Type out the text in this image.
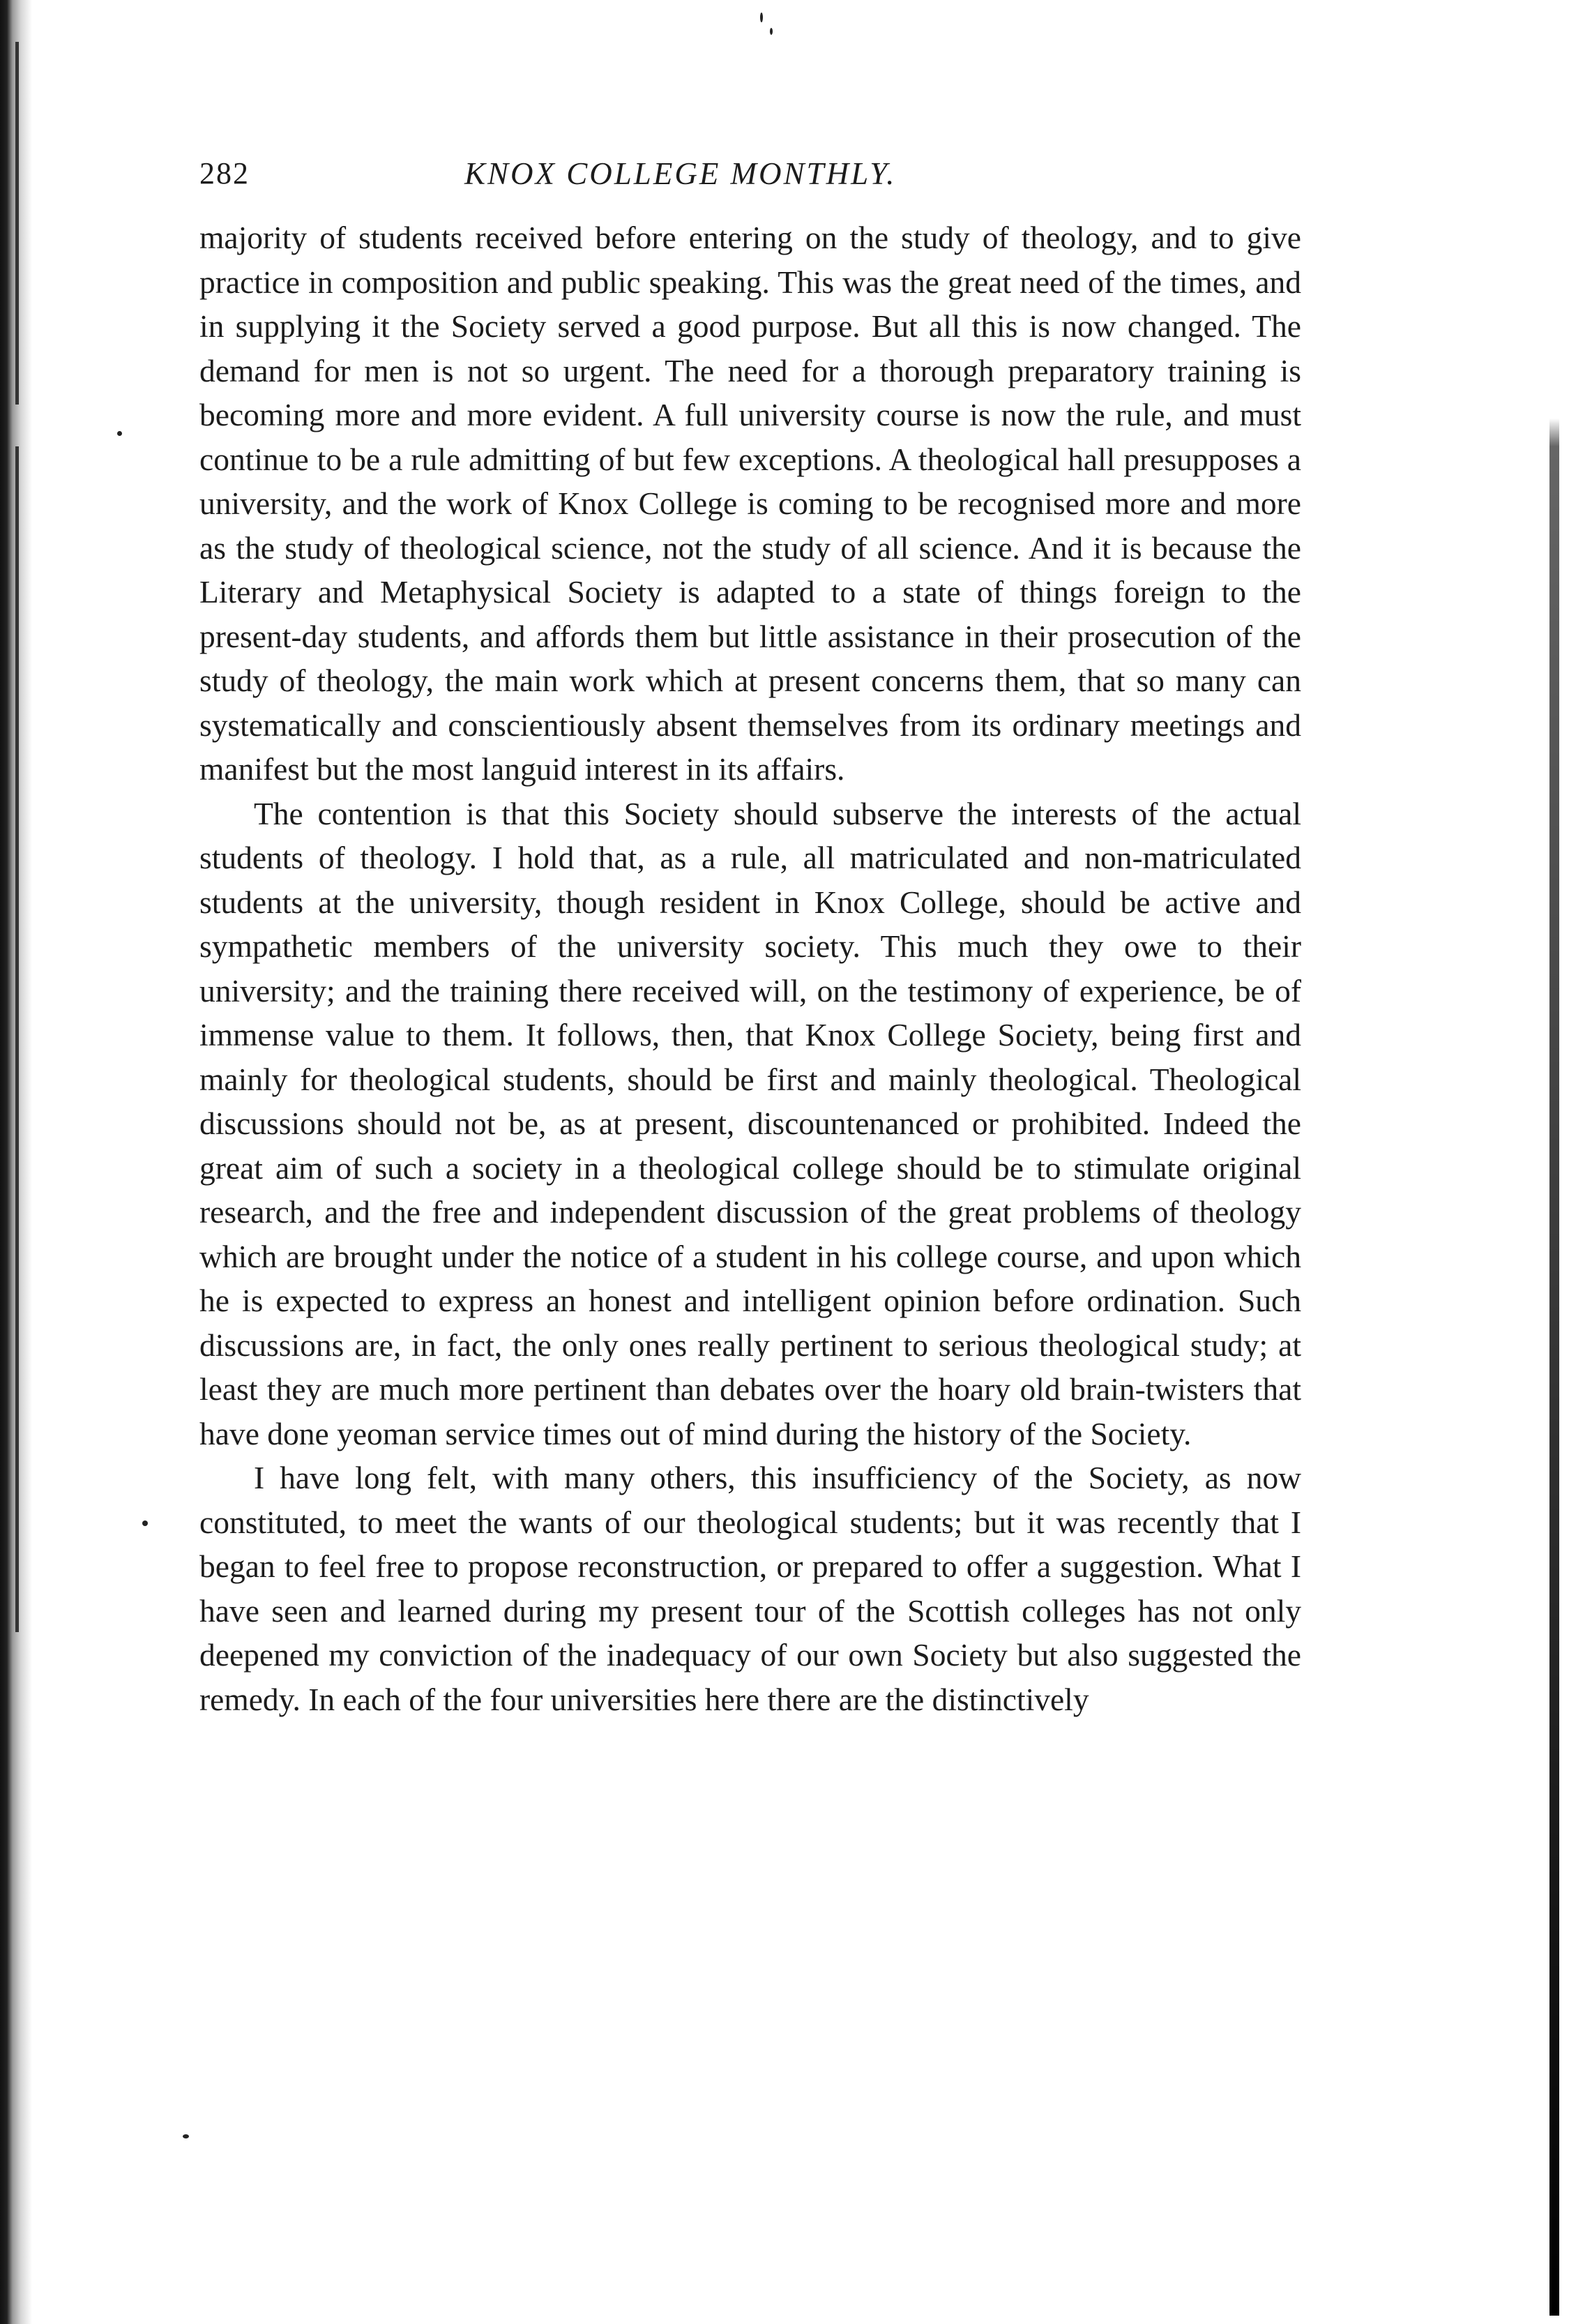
282	KNOX COLLEGE MONTHLY.

majority of students received before entering on the study of theology, and to give practice in composition and public speaking. This was the great need of the times, and in supplying it the Society served a good purpose. But all this is now changed. The demand for men is not so urgent. The need for a thorough preparatory training is becoming more and more evident. A full university course is now the rule, and must continue to be a rule admitting of but few exceptions. A theological hall presupposes a university, and the work of Knox College is coming to be recognised more and more as the study of theological science, not the study of all science. And it is because the Literary and Metaphysical Society is adapted to a state of things foreign to the present-day students, and affords them but little assistance in their prosecution of the study of theology, the main work which at present concerns them, that so many can systematically and conscientiously absent themselves from its ordinary meetings and manifest but the most languid interest in its affairs.

The contention is that this Society should subserve the interests of the actual students of theology. I hold that, as a rule, all matriculated and non-matriculated students at the university, though resident in Knox College, should be active and sympathetic members of the university society. This much they owe to their university; and the training there received will, on the testimony of experience, be of immense value to them. It follows, then, that Knox College Society, being first and mainly for theological students, should be first and mainly theological. Theological discussions should not be, as at present, discountenanced or prohibited. Indeed the great aim of such a society in a theological college should be to stimulate original research, and the free and independent discussion of the great problems of theology which are brought under the notice of a student in his college course, and upon which he is expected to express an honest and intelligent opinion before ordination. Such discussions are, in fact, the only ones really pertinent to serious theological study; at least they are much more pertinent than debates over the hoary old brain-twisters that have done yeoman service times out of mind during the history of the Society.

I have long felt, with many others, this insufficiency of the Society, as now constituted, to meet the wants of our theological students; but it was recently that I began to feel free to propose reconstruction, or prepared to offer a suggestion. What I have seen and learned during my present tour of the Scottish colleges has not only deepened my conviction of the inadequacy of our own Society but also suggested the remedy. In each of the four universities here there are the distinctively
